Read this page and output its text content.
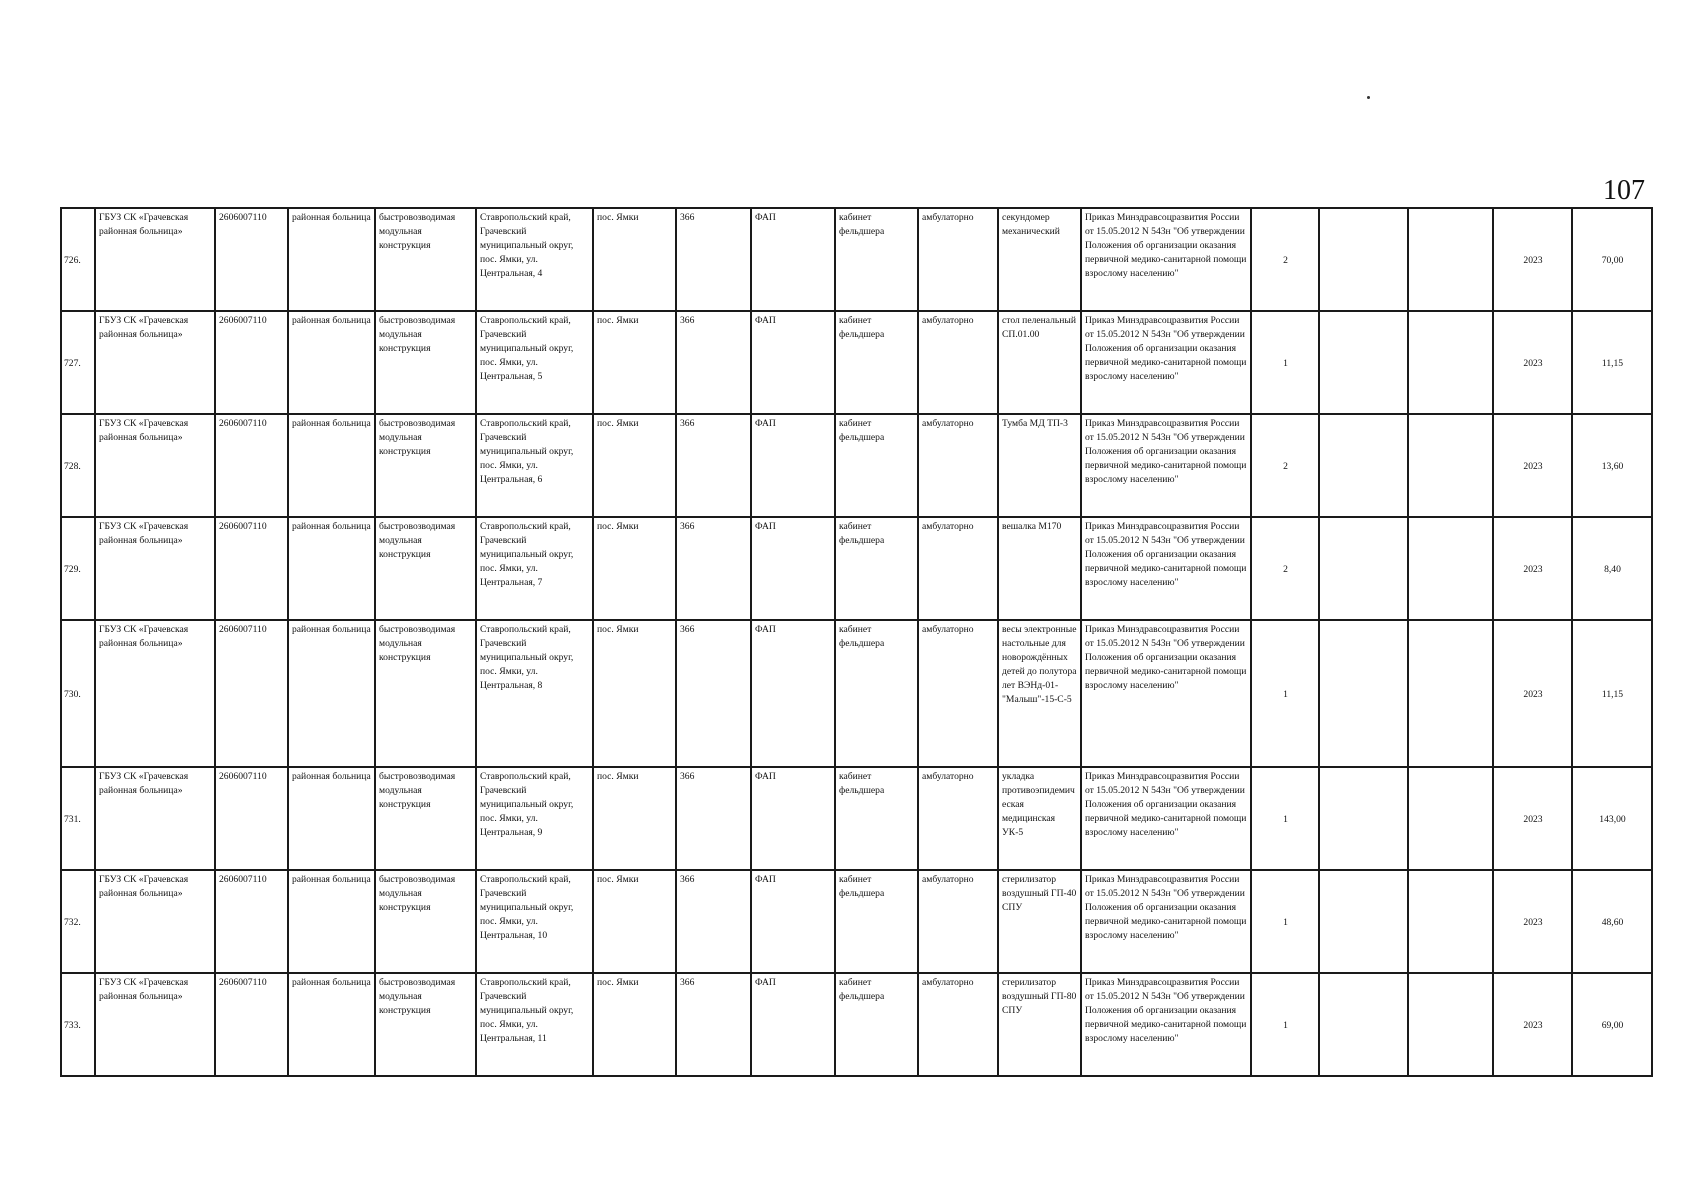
107
726.	ГБУЗ СК «Грачевская районная больница»	2606007110	районная больница	быстровозводимая модульная конструкция	Ставропольский край, Грачевский муниципальный округ, пос. Ямки, ул. Центральная, 4	пос. Ямки	366	ФАП	кабинет фельдшера	амбулаторно	секундомер механический	Приказ Минздравсоцразвития России от 15.05.2012 N 543н "Об утверждении Положения об организации оказания первичной медико-санитарной помощи взрослому населению"	2			2023	70,00

727.	ГБУЗ СК «Грачевская районная больница»	2606007110	районная больница	быстровозводимая модульная конструкция	Ставропольский край, Грачевский муниципальный округ, пос. Ямки, ул. Центральная, 5	пос. Ямки	366	ФАП	кабинет фельдшера	амбулаторно	стол пеленальный СП.01.00	Приказ Минздравсоцразвития России от 15.05.2012 N 543н "Об утверждении Положения об организации оказания первичной медико-санитарной помощи взрослому населению"	1			2023	11,15

728.	ГБУЗ СК «Грачевская районная больница»	2606007110	районная больница	быстровозводимая модульная конструкция	Ставропольский край, Грачевский муниципальный округ, пос. Ямки, ул. Центральная, 6	пос. Ямки	366	ФАП	кабинет фельдшера	амбулаторно	Тумба МД ТП-3	Приказ Минздравсоцразвития России от 15.05.2012 N 543н "Об утверждении Положения об организации оказания первичной медико-санитарной помощи взрослому населению"	2			2023	13,60

729.	ГБУЗ СК «Грачевская районная больница»	2606007110	районная больница	быстровозводимая модульная конструкция	Ставропольский край, Грачевский муниципальный округ, пос. Ямки, ул. Центральная, 7	пос. Ямки	366	ФАП	кабинет фельдшера	амбулаторно	вешалка М170	Приказ Минздравсоцразвития России от 15.05.2012 N 543н "Об утверждении Положения об организации оказания первичной медико-санитарной помощи взрослому населению"	2			2023	8,40

730.	ГБУЗ СК «Грачевская районная больница»	2606007110	районная больница	быстровозводимая модульная конструкция	Ставропольский край, Грачевский муниципальный округ, пос. Ямки, ул. Центральная, 8	пос. Ямки	366	ФАП	кабинет фельдшера	амбулаторно	весы электронные настольные для новорождённых детей до полутора лет ВЭНд-01-"Малыш"-15-С-5	Приказ Минздравсоцразвития России от 15.05.2012 N 543н "Об утверждении Положения об организации оказания первичной медико-санитарной помощи взрослому населению"	1			2023	11,15

731.	ГБУЗ СК «Грачевская районная больница»	2606007110	районная больница	быстровозводимая модульная конструкция	Ставропольский край, Грачевский муниципальный округ, пос. Ямки, ул. Центральная, 9	пос. Ямки	366	ФАП	кабинет фельдшера	амбулаторно	укладка противоэпидемическая медицинская УК-5	Приказ Минздравсоцразвития России от 15.05.2012 N 543н "Об утверждении Положения об организации оказания первичной медико-санитарной помощи взрослому населению"	1			2023	143,00

732.	ГБУЗ СК «Грачевская районная больница»	2606007110	районная больница	быстровозводимая модульная конструкция	Ставропольский край, Грачевский муниципальный округ, пос. Ямки, ул. Центральная, 10	пос. Ямки	366	ФАП	кабинет фельдшера	амбулаторно	стерилизатор воздушный ГП-40 СПУ	Приказ Минздравсоцразвития России от 15.05.2012 N 543н "Об утверждении Положения об организации оказания первичной медико-санитарной помощи взрослому населению"	1			2023	48,60

733.	ГБУЗ СК «Грачевская районная больница»	2606007110	районная больница	быстровозводимая модульная конструкция	Ставропольский край, Грачевский муниципальный округ, пос. Ямки, ул. Центральная, 11	пос. Ямки	366	ФАП	кабинет фельдшера	амбулаторно	стерилизатор воздушный ГП-80 СПУ	Приказ Минздравсоцразвития России от 15.05.2012 N 543н "Об утверждении Положения об организации оказания первичной медико-санитарной помощи взрослому населению"	1			2023	69,00
